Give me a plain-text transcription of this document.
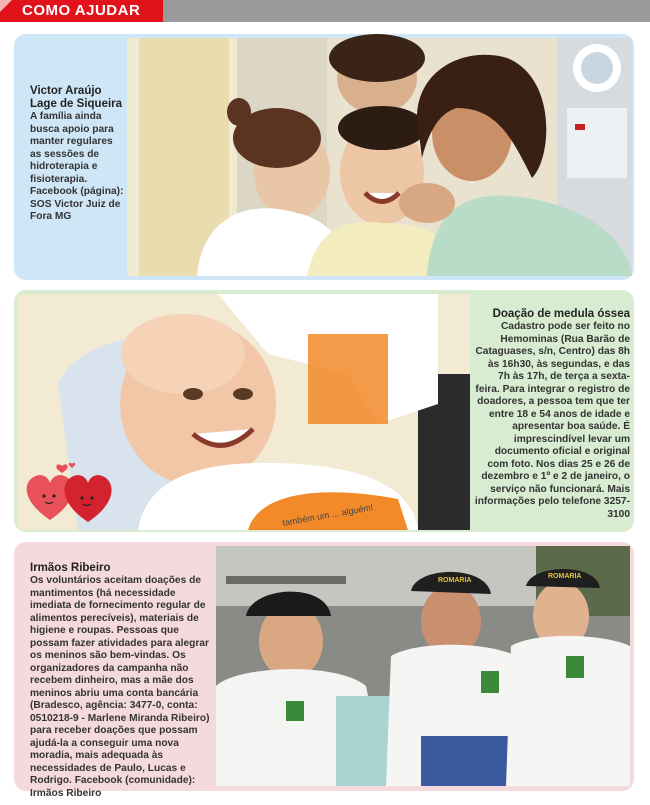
COMO AJUDAR
Victor Araújo Lage de Siqueira
A família ainda busca apoio para manter regulares as sessões de hidroterapia e fisioterapia. Facebook (página): SOS Victor Juiz de Fora MG
também um ... alguém!
Doação de medula óssea
Cadastro pode ser feito no Hemominas (Rua Barão de Cataguases, s/n, Centro) das 8h às 16h30, às segundas, e das 7h às 17h, de terça a sexta-feira. Para integrar o registro de doadores, a pessoa tem que ter entre 18 e 54 anos de idade e apresentar boa saúde. É imprescindível levar um documento oficial e original com foto. Nos dias 25 e 26 de dezembro e 1º e 2 de janeiro, o serviço não funcionará. Mais informações pelo telefone 3257-3100
Irmãos Ribeiro
Os voluntários aceitam doações de mantimentos (há necessidade imediata de fornecimento regular de alimentos perecíveis), materiais de higiene e roupas. Pessoas que possam fazer atividades para alegrar os meninos são bem-vindas. Os organizadores da campanha não recebem dinheiro, mas a mãe dos meninos abriu uma conta bancária (Bradesco, agência: 3477-0, conta: 0510218-9 - Marlene Miranda Ribeiro) para receber doações que possam ajudá-la a conseguir uma nova moradia, mais adequada às necessidades de Paulo, Lucas e Rodrigo. Facebook (comunidade): Irmãos Ribeiro
ROMARIA
ROMARIA
